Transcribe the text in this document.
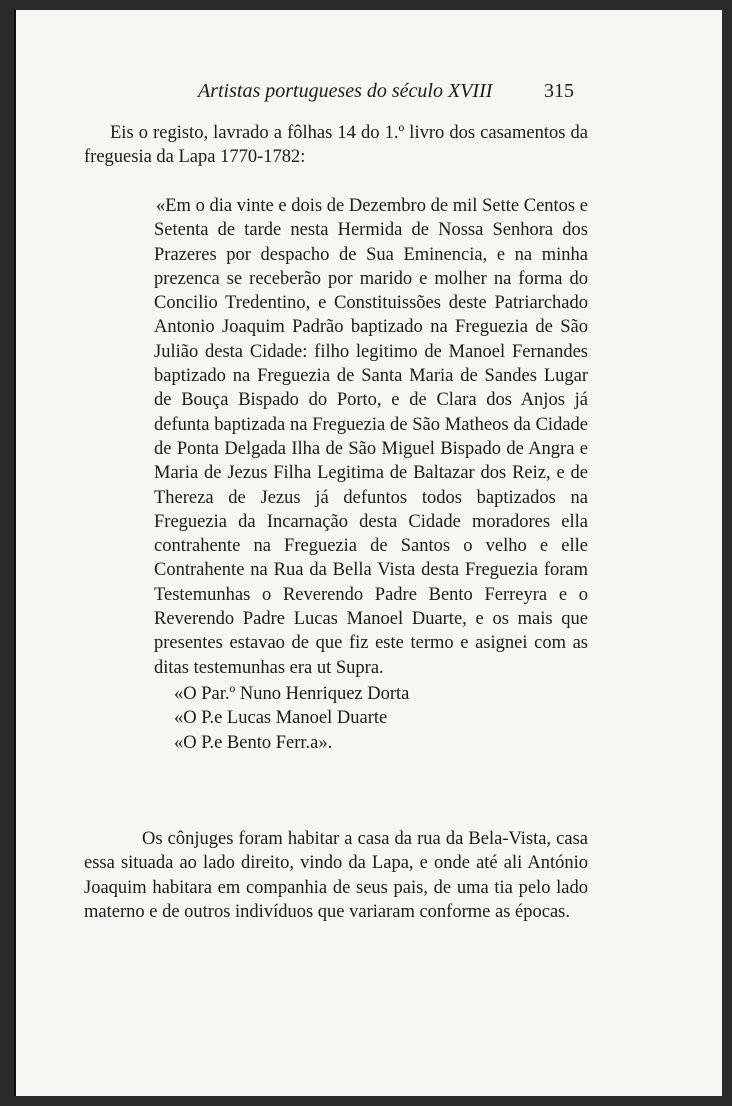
Artistas portugueses do século XVIII	315

Eis o registo, lavrado a fôlhas 14 do 1.º livro dos casamentos da freguesia da Lapa 1770-1782:

«Em o dia vinte e dois de Dezembro de mil Sette Centos e Setenta de tarde nesta Hermida de Nossa Senhora dos Prazeres por despacho de Sua Eminencia, e na minha prezenca se receberão por marido e molher na forma do Concilio Tredentino, e Constituissões deste Patriarchado Antonio Joaquim Padrão baptizado na Freguezia de São Julião desta Cidade: filho legitimo de Manoel Fernandes baptizado na Freguezia de Santa Maria de Sandes Lugar de Bouça Bispado do Porto, e de Clara dos Anjos já defunta baptizada na Freguezia de São Matheos da Cidade de Ponta Delgada Ilha de São Miguel Bispado de Angra e Maria de Jezus Filha Legitima de Baltazar dos Reiz, e de Thereza de Jezus já defuntos todos baptizados na Freguezia da Incarnação desta Cidade moradores ella contrahente na Freguezia de Santos o velho e elle Contrahente na Rua da Bella Vista desta Freguezia foram Testemunhas o Reverendo Padre Bento Ferreyra e o Reverendo Padre Lucas Manoel Duarte, e os mais que presentes estavao de que fiz este termo e asignei com as ditas testemunhas era ut Supra.

«O Par.º Nuno Henriquez Dorta
«O P.e Lucas Manoel Duarte
«O P.e Bento Ferr.a».

Os cônjuges foram habitar a casa da rua da Bela-Vista, casa essa situada ao lado direito, vindo da Lapa, e onde até ali António Joaquim habitara em companhia de seus pais, de uma tia pelo lado materno e de outros indivíduos que variaram conforme as épocas.
